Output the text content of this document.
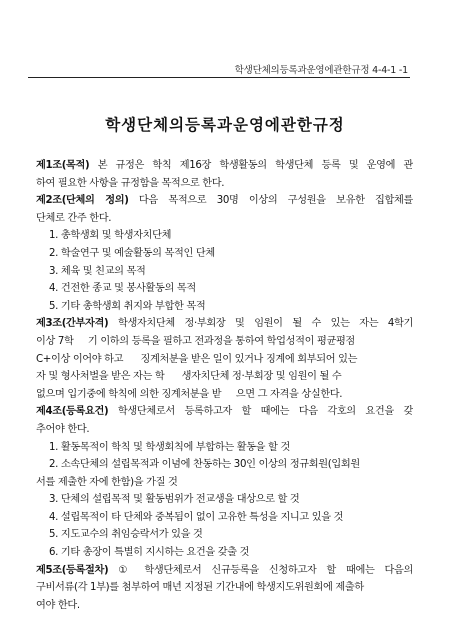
학생단체의등록과운영에관한규정 4-4-1 -1
학생단체의등록과운영에관한규정
제1조(목적) 본 규정은 학칙 제16장 학생활동의 학생단체 등록 및 운영에 관
하여 필요한 사항을 규정함을 목적으로 한다.
제2조(단체의 정의) 다음 목적으로 30명 이상의 구성원을 보유한 집합체를
단체로 간주 한다.
1. 총학생회 및 학생자치단체
2. 학술연구 및 예술활동의 목적인 단체
3. 체육 및 친교의 목적
4. 건전한 종교 및 봉사활동의 목적
5. 기타 총학생회 취지와 부합한 목적
제3조(간부자격) 학생자치단체 정·부회장 및 임원이 될 수 있는 자는 4학기
이상 7학     기 이하의 등록을 필하고 전과정을 통하여 학업성적이 평균평점
C+이상 이어야 하고      징계처분을 받은 일이 있거나 징계에 회부되어 있는
자 및 형사처벌을 받은 자는 학      생자치단체 정·부회장 및 임원이 될 수
없으며 입기중에 학칙에 의한 징계처분을 받     으면 그 자격을 상실한다.
제4조(등록요건) 학생단체로서 등록하고자 할 때에는 다음 각호의 요건을 갖
추어야 한다.
1. 활동목적이 학칙 및 학생회칙에 부합하는 활동을 할 것
2. 소속단체의 설립목적과 이념에 찬동하는 30인 이상의 정규회원(입회원
서를 제출한 자에 한함)을 가질 것
3. 단체의 설립목적 및 활동범위가 전교생을 대상으로 할 것
4. 설립목적이 타 단체와 중복됨이 없이 고유한 특성을 지니고 있을 것
5. 지도교수의 취임승락서가 있을 것
6. 기타 총장이 특별히 지시하는 요건을 갖출 것
제5조(등록절차) ① 학생단체로서 신규등록을 신청하고자 할 때에는 다음의
구비서류(각 1부)를 첨부하여 매년 지정된 기간내에 학생지도위원회에 제출하
여야 한다.
